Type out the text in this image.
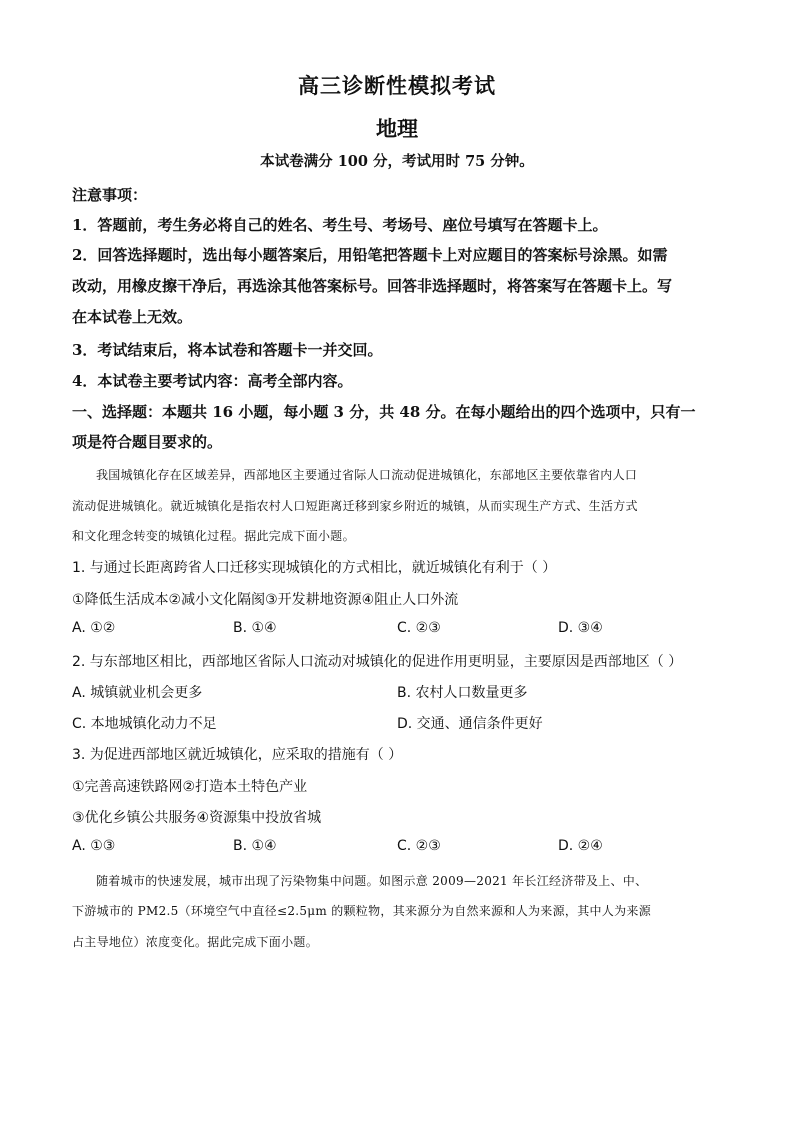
高三诊断性模拟考试
地理
本试卷满分 100 分，考试用时 75 分钟。
注意事项：
1．答题前，考生务必将自己的姓名、考生号、考场号、座位号填写在答题卡上。
2．回答选择题时，选出每小题答案后，用铅笔把答题卡上对应题目的答案标号涂黑。如需
改动，用橡皮擦干净后，再选涂其他答案标号。回答非选择题时，将答案写在答题卡上。写
在本试卷上无效。
3．考试结束后，将本试卷和答题卡一并交回。
4．本试卷主要考试内容：高考全部内容。
一、选择题：本题共 16 小题，每小题 3 分，共 48 分。在每小题给出的四个选项中，只有一
项是符合题目要求的。
我国城镇化存在区域差异，西部地区主要通过省际人口流动促进城镇化，东部地区主要依靠省内人口
流动促进城镇化。就近城镇化是指农村人口短距离迁移到家乡附近的城镇，从而实现生产方式、生活方式
和文化理念转变的城镇化过程。据此完成下面小题。
1. 与通过长距离跨省人口迁移实现城镇化的方式相比，就近城镇化有利于（ ）
①降低生活成本②减小文化隔阂③开发耕地资源④阻止人口外流
A. ①②	B. ①④	C. ②③	D. ③④
2. 与东部地区相比，西部地区省际人口流动对城镇化的促进作用更明显，主要原因是西部地区（ ）
A. 城镇就业机会更多	B. 农村人口数量更多
C. 本地城镇化动力不足	D. 交通、通信条件更好
3. 为促进西部地区就近城镇化，应采取的措施有（ ）
①完善高速铁路网②打造本土特色产业
③优化乡镇公共服务④资源集中投放省城
A. ①③	B. ①④	C. ②③	D. ②④
随着城市的快速发展，城市出现了污染物集中问题。如图示意 2009—2021 年长江经济带及上、中、
下游城市的 PM2.5（环境空气中直径≤2.5μm 的颗粒物，其来源分为自然来源和人为来源，其中人为来源
占主导地位）浓度变化。据此完成下面小题。
